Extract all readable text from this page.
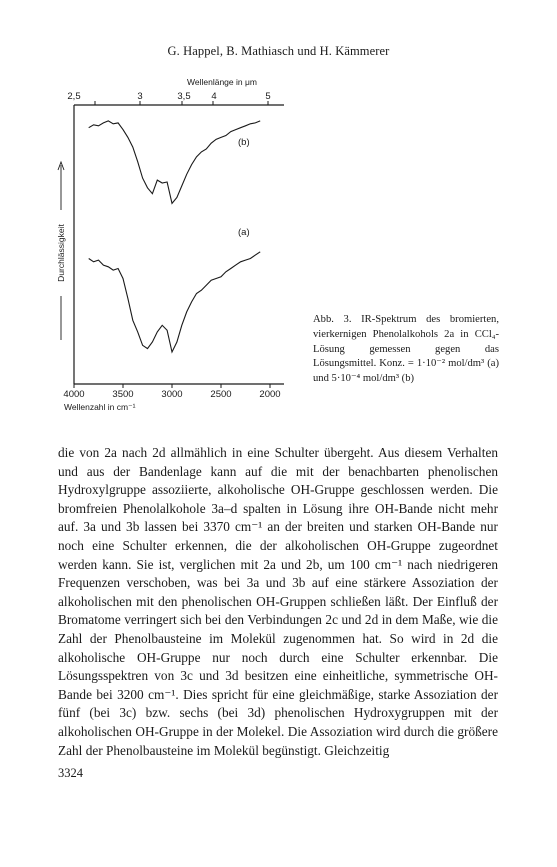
G. Happel, B. Mathiasch und H. Kämmerer
Wellenlänge in μm
Wellenzahl in cm⁻¹
Durchlässigkeit
2,5	3	3,5 4	5
4000	3500	3000	2500	2000
(b)
(a)

Abb. 3. IR-Spektrum des bromierten, vierkernigen Phenolalkohols 2a in CCl₄-Lösung gemessen gegen das Lösungsmittel. Konz. = 1·10⁻² mol/dm³ (a) und 5·10⁻⁴ mol/dm³ (b)

die von 2a nach 2d allmählich in eine Schulter übergeht. Aus diesem Verhalten und aus der Bandenlage kann auf die mit der benachbarten phenolischen Hydroxylgruppe assoziierte, alkoholische OH-Gruppe geschlossen werden. Die bromfreien Phenolalkohole 3a–d spalten in Lösung ihre OH-Bande nicht mehr auf. 3a und 3b lassen bei 3370 cm⁻¹ an der breiten und starken OH-Bande nur noch eine Schulter erkennen, die der alkoholischen OH-Gruppe zugeordnet werden kann. Sie ist, verglichen mit 2a und 2b, um 100 cm⁻¹ nach niedrigeren Frequenzen verschoben, was bei 3a und 3b auf eine stärkere Assoziation der alkoholischen mit den phenolischen OH-Gruppen schließen läßt. Der Einfluß der Bromatome verringert sich bei den Verbindungen 2c und 2d in dem Maße, wie die Zahl der Phenolbausteine im Molekül zugenommen hat. So wird in 2d die alkoholische OH-Gruppe nur noch durch eine Schulter erkennbar. Die Lösungsspektren von 3c und 3d besitzen eine einheitliche, symmetrische OH-Bande bei 3200 cm⁻¹. Dies spricht für eine gleichmäßige, starke Assoziation der fünf (bei 3c) bzw. sechs (bei 3d) phenolischen Hydroxygruppen mit der alkoholischen OH-Gruppe in der Molekel. Die Assoziation wird durch die größere Zahl der Phenolbausteine im Molekül begünstigt. Gleichzeitig

3324
